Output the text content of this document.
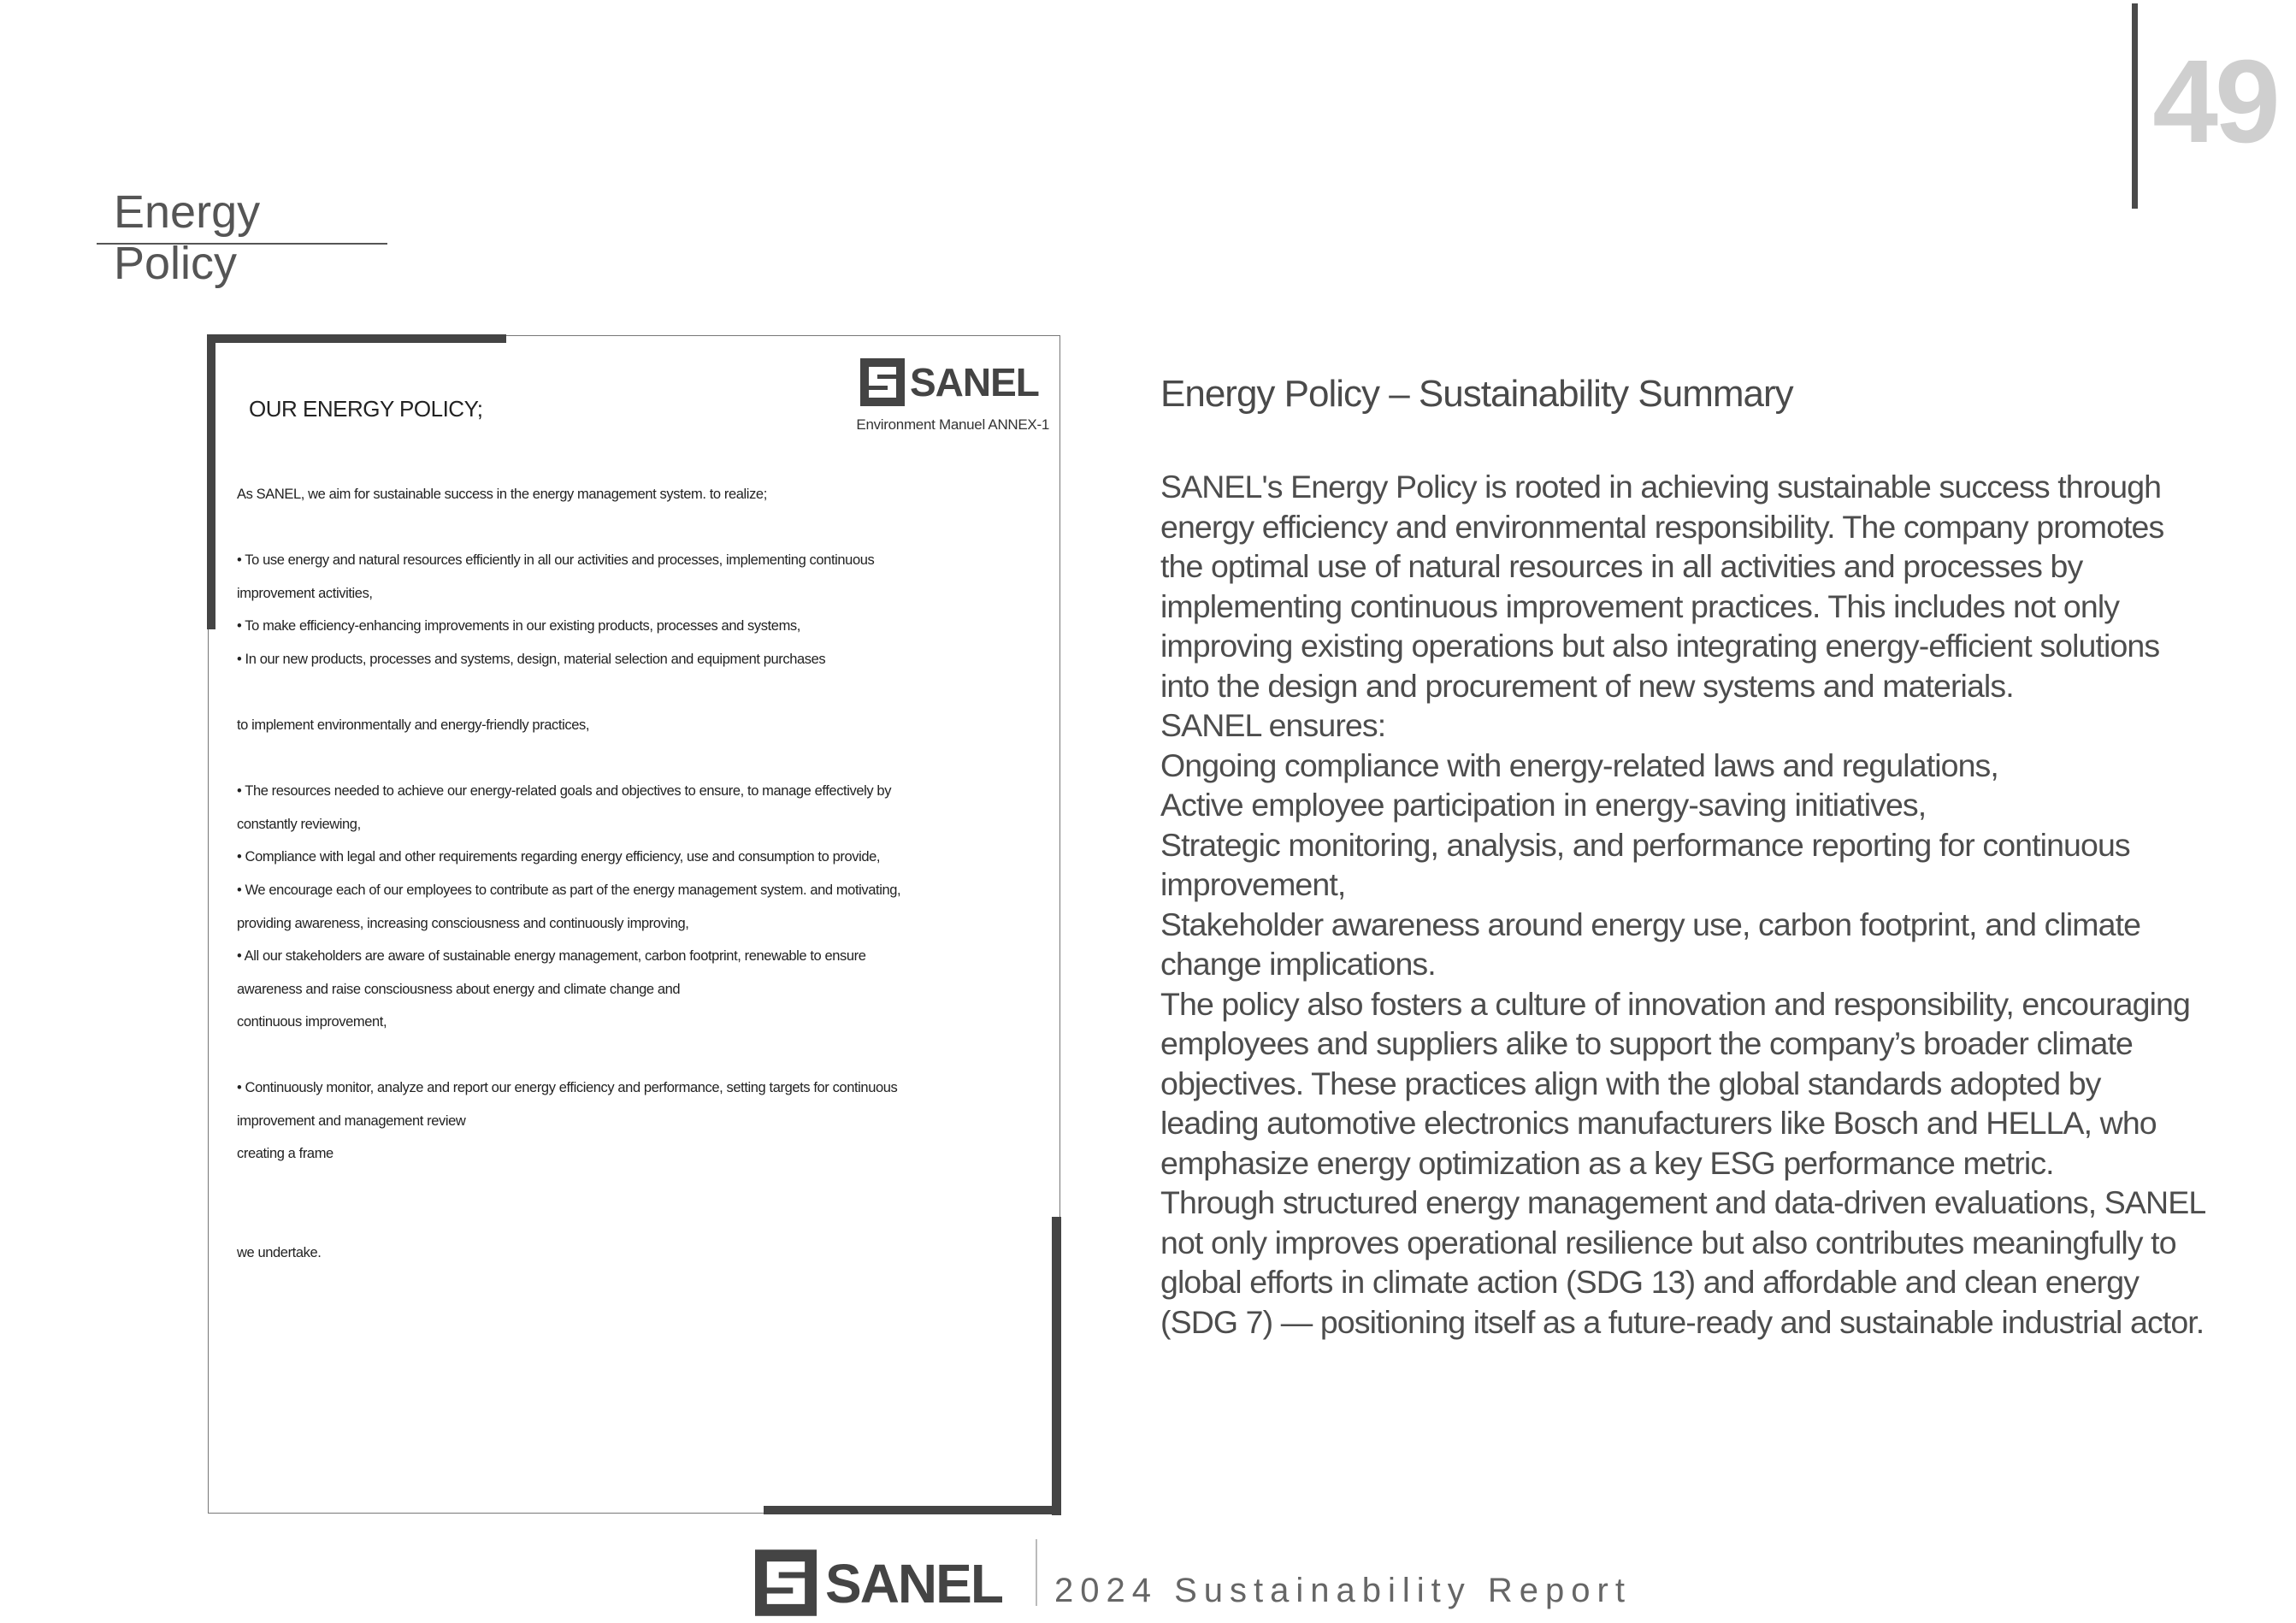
49
Energy Policy
OUR ENERGY POLICY;
SANEL
Environment Manuel ANNEX-1
As SANEL, we aim for sustainable success in the energy management system. to realize;
• To use energy and natural resources efficiently in all our activities and processes, implementing continuous
improvement activities,
• To make efficiency-enhancing improvements in our existing products, processes and systems,
• In our new products, processes and systems, design, material selection and equipment purchases
to implement environmentally and energy-friendly practices,
• The resources needed to achieve our energy-related goals and objectives to ensure, to manage effectively by
constantly reviewing,
• Compliance with legal and other requirements regarding energy efficiency, use and consumption to provide,
• We encourage each of our employees to contribute as part of the energy management system. and motivating,
providing awareness, increasing consciousness and continuously improving,
• All our stakeholders are aware of sustainable energy management, carbon footprint, renewable to ensure
awareness and raise consciousness about energy and climate change and
continuous improvement,
• Continuously monitor, analyze and report our energy efficiency and performance, setting targets for continuous
improvement and management review
creating a frame
we undertake.
Energy Policy – Sustainability Summary
SANEL's Energy Policy is rooted in achieving sustainable success through
energy efficiency and environmental responsibility. The company promotes
the optimal use of natural resources in all activities and processes by
implementing continuous improvement practices. This includes not only
improving existing operations but also integrating energy-efficient solutions
into the design and procurement of new systems and materials.
SANEL ensures:
Ongoing compliance with energy-related laws and regulations,
Active employee participation in energy-saving initiatives,
Strategic monitoring, analysis, and performance reporting for continuous
improvement,
Stakeholder awareness around energy use, carbon footprint, and climate
change implications.
The policy also fosters a culture of innovation and responsibility, encouraging
employees and suppliers alike to support the company’s broader climate
objectives. These practices align with the global standards adopted by
leading automotive electronics manufacturers like Bosch and HELLA, who
emphasize energy optimization as a key ESG performance metric.
Through structured energy management and data-driven evaluations, SANEL
not only improves operational resilience but also contributes meaningfully to
global efforts in climate action (SDG 13) and affordable and clean energy
(SDG 7) — positioning itself as a future-ready and sustainable industrial actor.
SANEL 2024 Sustainability Report
